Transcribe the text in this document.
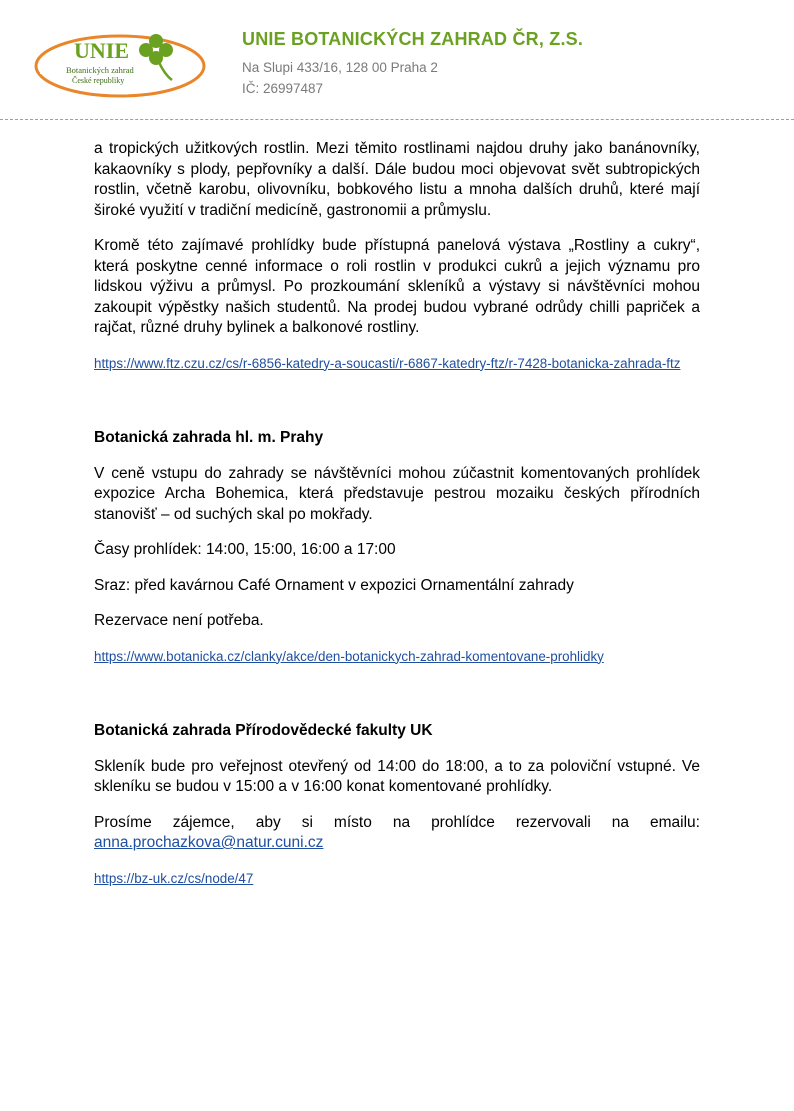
UNIE
Botanických zahrad
České republiky
UNIE BOTANICKÝCH ZAHRAD ČR, Z.S.
Na Slupi 433/16, 128 00 Praha 2
IČ: 26997487

a tropických užitkových rostlin. Mezi těmito rostlinami najdou druhy jako banánovníky, kakaovníky s plody, pepřovníky a další. Dále budou moci objevovat svět subtropických rostlin, včetně karobu, olivovníku, bobkového listu a mnoha dalších druhů, které mají široké využití v tradiční medicíně, gastronomii a průmyslu.

Kromě této zajímavé prohlídky bude přístupná panelová výstava „Rostliny a cukry“, která poskytne cenné informace o roli rostlin v produkci cukrů a jejich významu pro lidskou výživu a průmysl. Po prozkoumání skleníků a výstavy si návštěvníci mohou zakoupit výpěstky našich studentů. Na prodej budou vybrané odrůdy chilli papriček a rajčat, různé druhy bylinek a balkonové rostliny.

https://www.ftz.czu.cz/cs/r-6856-katedry-a-soucasti/r-6867-katedry-ftz/r-7428-botanicka-zahrada-ftz
Botanická zahrada hl. m. Prahy

V ceně vstupu do zahrady se návštěvníci mohou zúčastnit komentovaných prohlídek expozice Archa Bohemica, která představuje pestrou mozaiku českých přírodních stanovišť – od suchých skal po mokřady.

Časy prohlídek: 14:00, 15:00, 16:00 a 17:00

Sraz: před kavárnou Café Ornament v expozici Ornamentální zahrady

Rezervace není potřeba.

https://www.botanicka.cz/clanky/akce/den-botanickych-zahrad-komentovane-prohlidky
Botanická zahrada Přírodovědecké fakulty UK

Skleník bude pro veřejnost otevřený od 14:00 do 18:00, a to za poloviční vstupné. Ve skleníku se budou v 15:00 a v 16:00 konat komentované prohlídky.

Prosíme zájemce, aby si místo na prohlídce rezervovali na emailu: anna.prochazkova@natur.cuni.cz

https://bz-uk.cz/cs/node/47
